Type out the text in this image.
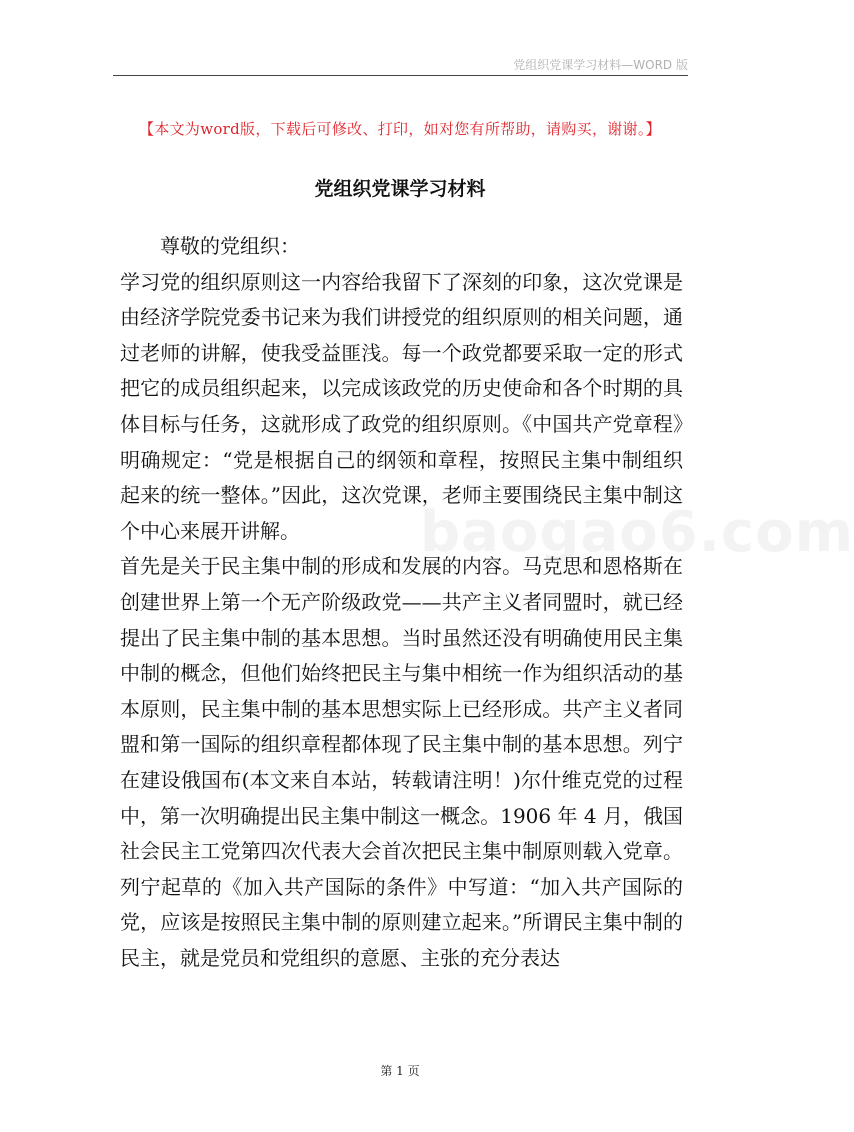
党组织党课学习材料—WORD 版
【本文为word版，下载后可修改、打印，如对您有所帮助，请购买，谢谢。】
党组织党课学习材料

尊敬的党组织：

学习党的组织原则这一内容给我留下了深刻的印象，这次党课是由经济学院党委书记来为我们讲授党的组织原则的相关问题，通过老师的讲解，使我受益匪浅。每一个政党都要采取一定的形式把它的成员组织起来，以完成该政党的历史使命和各个时期的具体目标与任务，这就形成了政党的组织原则。《中国共产党章程》明确规定：“党是根据自己的纲领和章程，按照民主集中制组织起来的统一整体。”因此，这次党课，老师主要围绕民主集中制这个中心来展开讲解。

首先是关于民主集中制的形成和发展的内容。马克思和恩格斯在创建世界上第一个无产阶级政党——共产主义者同盟时，就已经提出了民主集中制的基本思想。当时虽然还没有明确使用民主集中制的概念，但他们始终把民主与集中相统一作为组织活动的基本原则，民主集中制的基本思想实际上已经形成。共产主义者同盟和第一国际的组织章程都体现了民主集中制的基本思想。列宁在建设俄国布(本文来自本站，转载请注明！)尔什维克党的过程中，第一次明确提出民主集中制这一概念。1906 年 4 月，俄国社会民主工党第四次代表大会首次把民主集中制原则载入党章。列宁起草的《加入共产国际的条件》中写道：“加入共产国际的党，应该是按照民主集中制的原则建立起来。”所谓民主集中制的民主，就是党员和党组织的意愿、主张的充分表达

baogao6.com
第 1 页
